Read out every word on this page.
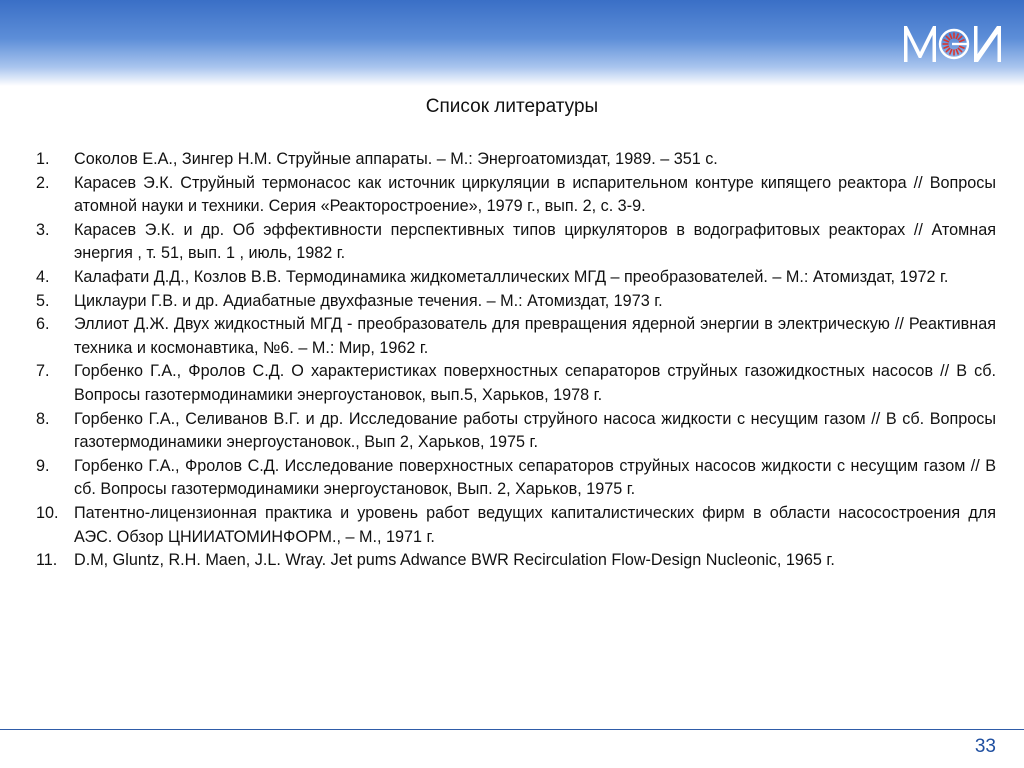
Список литературы
1. Соколов Е.А., Зингер Н.М. Струйные аппараты. – М.: Энергоатомиздат, 1989. – 351 с.
2. Карасев Э.К. Струйный термонасос как источник циркуляции в испарительном контуре кипящего реактора // Вопросы атомной науки и техники. Серия «Реакторостроение», 1979 г., вып. 2, с. 3-9.
3. Карасев Э.К. и др. Об эффективности перспективных типов циркуляторов в водографитовых реакторах // Атомная энергия , т. 51, вып. 1 , июль, 1982 г.
4. Калафати Д.Д., Козлов В.В. Термодинамика жидкометаллических МГД – преобразователей. – М.: Атомиздат, 1972 г.
5. Циклаури Г.В. и др. Адиабатные двухфазные течения. – М.: Атомиздат, 1973 г.
6. Эллиот Д.Ж. Двух жидкостный МГД - преобразователь для превращения ядерной энергии в электрическую // Реактивная техника и космонавтика, №6. – М.: Мир, 1962 г.
7. Горбенко Г.А., Фролов С.Д. О характеристиках поверхностных сепараторов струйных газожидкостных насосов // В сб. Вопросы газотермодинамики энергоустановок, вып.5, Харьков, 1978 г.
8. Горбенко Г.А., Селиванов В.Г. и др. Исследование работы струйного насоса жидкости с несущим газом // В сб. Вопросы газотермодинамики энергоустановок., Вып 2, Харьков, 1975 г.
9. Горбенко Г.А., Фролов С.Д. Исследование поверхностных сепараторов струйных насосов жидкости с несущим газом // В сб. Вопросы газотермодинамики энергоустановок, Вып. 2, Харьков, 1975 г.
10. Патентно-лицензионная практика и уровень работ ведущих капиталистических фирм в области насосостроения для АЭС. Обзор ЦНИИАТОМИНФОРМ., – М., 1971 г.
11. D.M, Gluntz, R.H. Maen, J.L. Wray. Jet pums Adwance BWR Recirculation Flow-Design Nucleonic, 1965 г.
33
